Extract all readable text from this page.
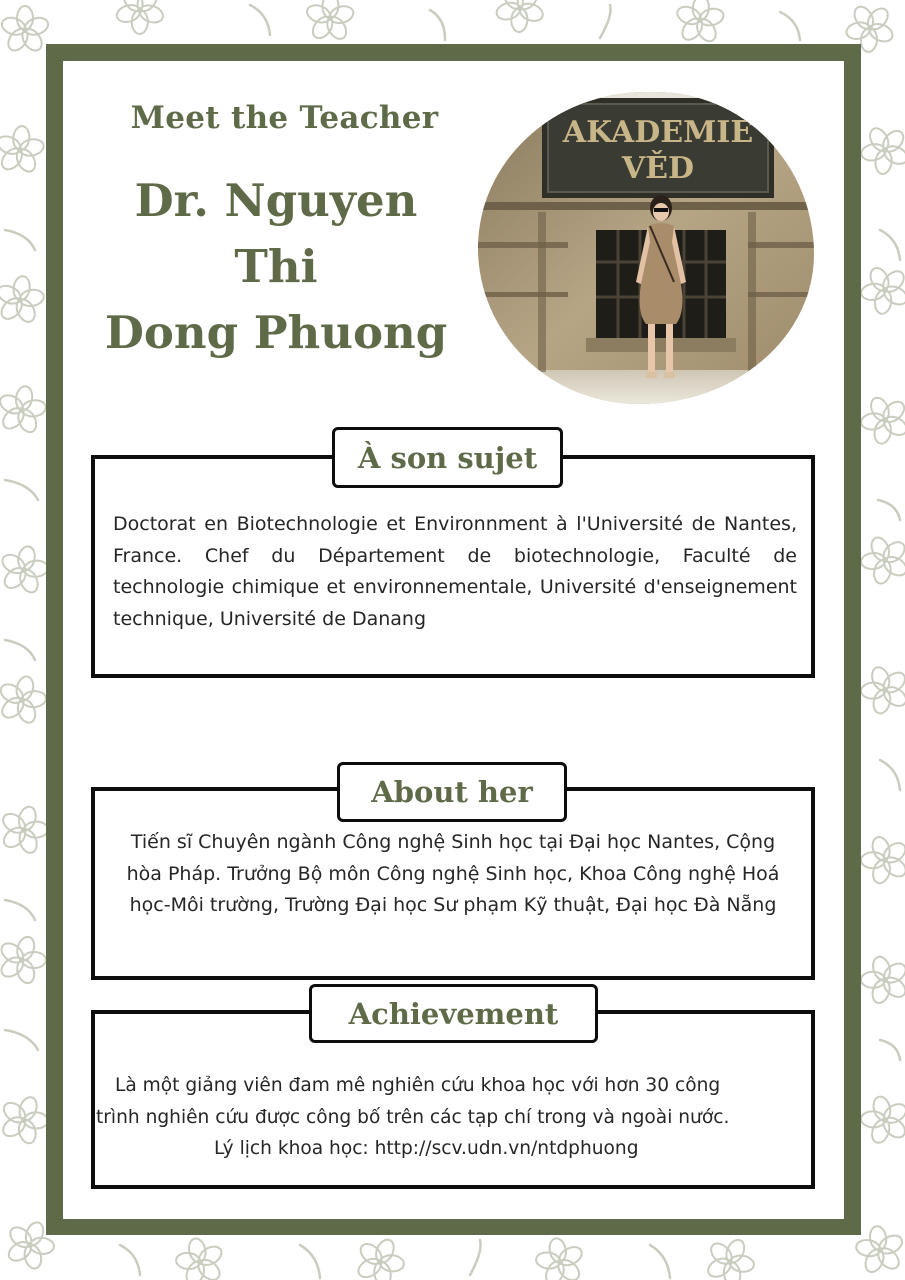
Meet the Teacher
Dr. Nguyen Thi
Dong Phuong
AKADEMIE
VĚD
À son sujet
Doctorat en Biotechnologie et Environnment à l'Université de Nantes, France. Chef du Département de biotechnologie, Faculté de technologie chimique et environnementale, Université d'enseignement technique, Université de Danang
About her
Tiến sĩ Chuyên ngành Công nghệ Sinh học tại Đại học Nantes, Cộng hòa Pháp. Trưởng Bộ môn Công nghệ Sinh học, Khoa Công nghệ Hoá học-Môi trường, Trường Đại học Sư phạm Kỹ thuật, Đại học Đà Nẵng
Achievement
Là một giảng viên đam mê nghiên cứu khoa học với hơn 30 công
trình nghiên cứu được công bố trên các tạp chí trong và ngoài nước.
Lý lịch khoa học: http://scv.udn.vn/ntdphuong
